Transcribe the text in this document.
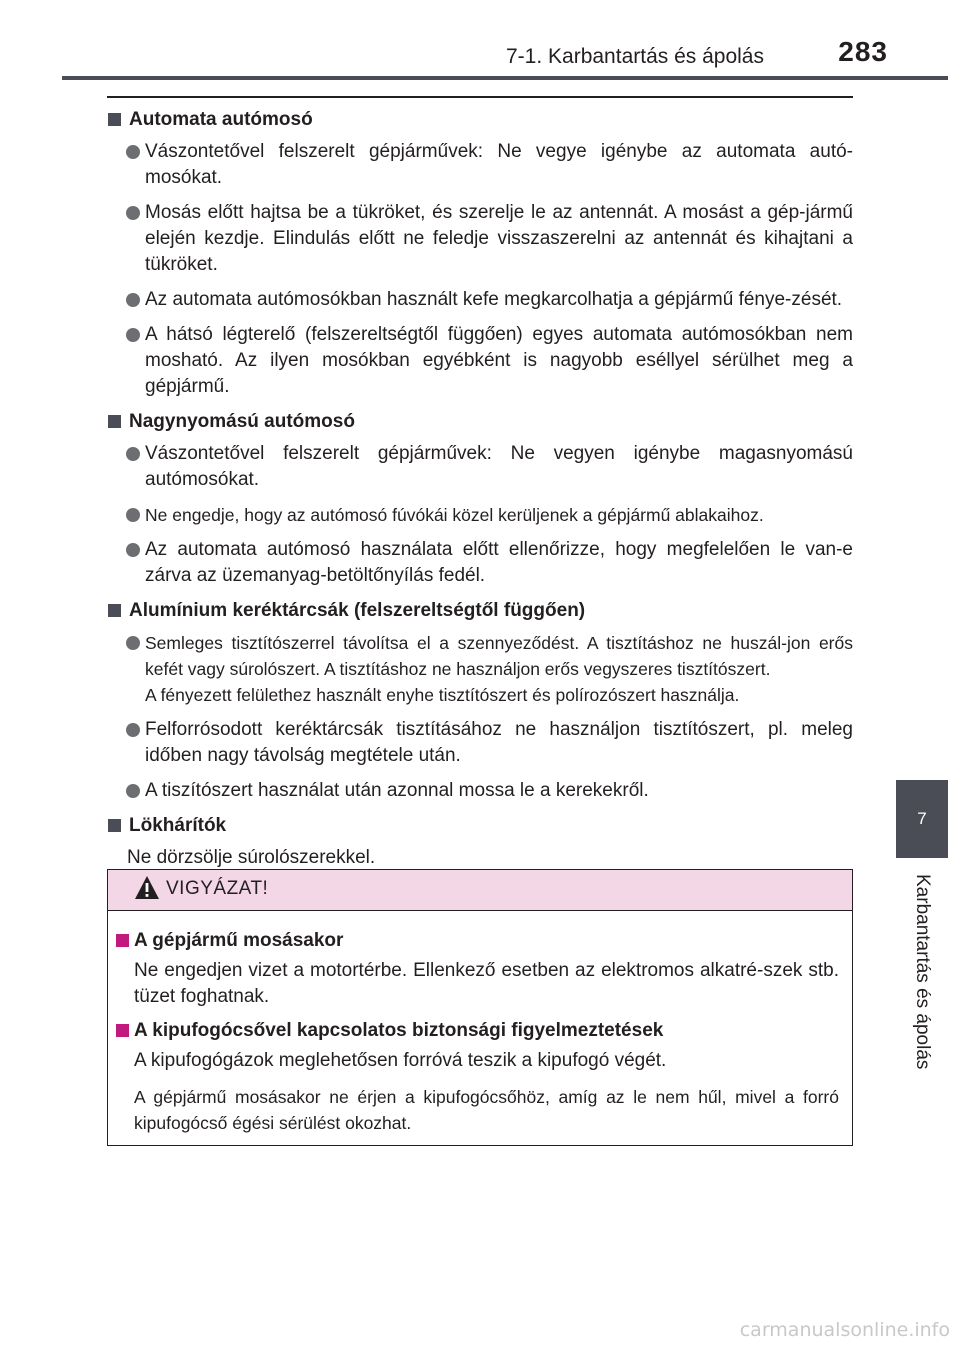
7-1. Karbantartás és ápolás	283
7
Karbantartás és ápolás
Automata autómosó
Vászontetővel felszerelt gépjárművek: Ne vegye igénybe az automata autó-mosókat.
Mosás előtt hajtsa be a tükröket, és szerelje le az antennát. A mosást a gép-jármű elején kezdje. Elindulás előtt ne feledje visszaszerelni az antennát és kihajtani a tükröket.
Az automata autómosókban használt kefe megkarcolhatja a gépjármű fénye-zését.
A hátsó légterelő (felszereltségtől függően) egyes automata autómosókban nem mosható. Az ilyen mosókban egyébként is nagyobb eséllyel sérülhet meg a gépjármű.
Nagynyomású autómosó
Vászontetővel felszerelt gépjárművek: Ne vegyen igénybe magasnyomású autómosókat.
Ne engedje, hogy az autómosó fúvókái közel kerüljenek a gépjármű ablakaihoz.
Az automata autómosó használata előtt ellenőrizze, hogy megfelelően le van-e zárva az üzemanyag-betöltőnyílás fedél.
Alumínium keréktárcsák (felszereltségtől függően)
Semleges tisztítószerrel távolítsa el a szennyeződést. A tisztításhoz ne huszál-jon erős kefét vagy súrolószert. A tisztításhoz ne használjon erős vegyszeres tisztítószert.
A fényezett felülethez használt enyhe tisztítószert és polírozószert használja.
Felforrósodott keréktárcsák tisztításához ne használjon tisztítószert, pl. meleg időben nagy távolság megtétele után.
A tiszítószert használat után azonnal mossa le a kerekekről.
Lökhárítók
Ne dörzsölje súrolószerekkel.
VIGYÁZAT!
A gépjármű mosásakor
Ne engedjen vizet a motortérbe. Ellenkező esetben az elektromos alkatré-szek stb. tüzet foghatnak.
A kipufogócsővel kapcsolatos biztonsági figyelmeztetések
A kipufogógázok meglehetősen forróvá teszik a kipufogó végét.
A gépjármű mosásakor ne érjen a kipufogócsőhöz, amíg az le nem hűl, mivel a forró kipufogócső égési sérülést okozhat.
carmanualsonline.info
